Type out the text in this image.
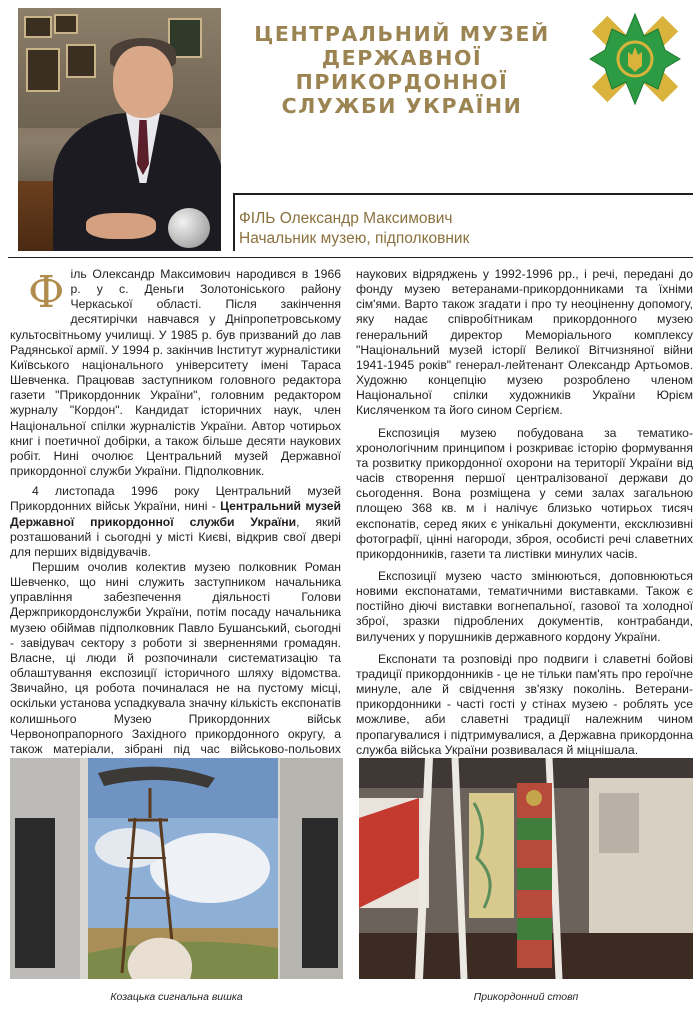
ЦЕНТРАЛЬНИЙ МУЗЕЙ
ДЕРЖАВНОЇ ПРИКОРДОННОЇ
СЛУЖБИ УКРАЇНИ
ФІЛЬ Олександр Максимович
Начальник музею, підполковник

Філь Олександр Максимович народився в 1966 р. у с. Деньги Золотоніського району Черкаської області. Після закінчення десятирічки навчався у Дніпропетровському культосвітньому училищі. У 1985 р. був призваний до лав Радянської армії. У 1994 р. закінчив Інститут журналістики Київського національного університету імені Тараса Шевченка. Працював заступником головного редактора газети "Прикордонник України", головним редактором журналу "Кордон". Кандидат історичних наук, член Національної спілки журналістів України. Автор чотирьох книг і поетичної добірки, а також більше десяти наукових робіт. Нині очолює Центральний музей Державної прикордонної служби України. Підполковник.

4 листопада 1996 року Центральний музей Прикордонних військ України, нині - Центральний музей Державної прикордонної служби України, який розташований і сьогодні у місті Києві, відкрив свої двері для перших відвідувачів.

Першим очолив колектив музею полковник Роман Шевченко, що нині служить заступником начальника управління забезпечення діяльності Голови Держприкордонслужби України, потім посаду начальника музею обіймав підполковник Павло Бушанський, сьогодні - завідувач сектору з роботи зі зверненнями громадян. Власне, ці люди й розпочинали систематизацію та облаштування експозиції історичного шляху відомства. Звичайно, ця робота починалася не на пустому місці, оскільки установа успадкувала значну кількість експонатів колишнього Музею Прикордонних військ Червонопрапорного Західного прикордонного округу, а також матеріали, зібрані під час військово-польових

наукових відряджень у 1992-1996 рр., і речі, передані до фонду музею ветеранами-прикордонниками та їхніми сім'ями. Варто також згадати і про ту неоціненну допомогу, яку надає співробітникам прикордонного музею генеральний директор Меморіального комплексу "Національний музей історії Великої Вітчизняної війни 1941-1945 років" генерал-лейтенант Олександр Артьомов. Художню концепцію музею розроблено членом Національної спілки художників України Юрієм Кисляченком та його сином Сергієм.

Експозиція музею побудована за тематико-хронологічним принципом і розкриває історію формування та розвитку прикордонної охорони на території України від часів створення першої централізованої держави до сьогодення. Вона розміщена у семи залах загальною площею 368 кв. м і налічує близько чотирьох тисяч експонатів, серед яких є унікальні документи, ексклюзивні фотографії, цінні нагороди, зброя, особисті речі славетних прикордонників, газети та листівки минулих часів.

Експозиції музею часто змінюються, доповнюються новими експонатами, тематичними виставками. Також є постійно діючі виставки вогнепальної, газової та холодної зброї, зразки підроблених документів, контрабанди, вилучених у порушників державного кордону України.

Експонати та розповіді про подвиги і славетні бойові традиції прикордонників - це не тільки пам'ять про героїчне минуле, але й свідчення зв'язку поколінь. Ветерани-прикордонники - часті гості у стінах музею - роблять усе можливе, аби славетні традиції належним чином пропагувалися і підтримувалися, а Державна прикордонна служба війська України розвивалася й міцнішала.

Козацька сигнальна вишка	Прикордонний стовп
